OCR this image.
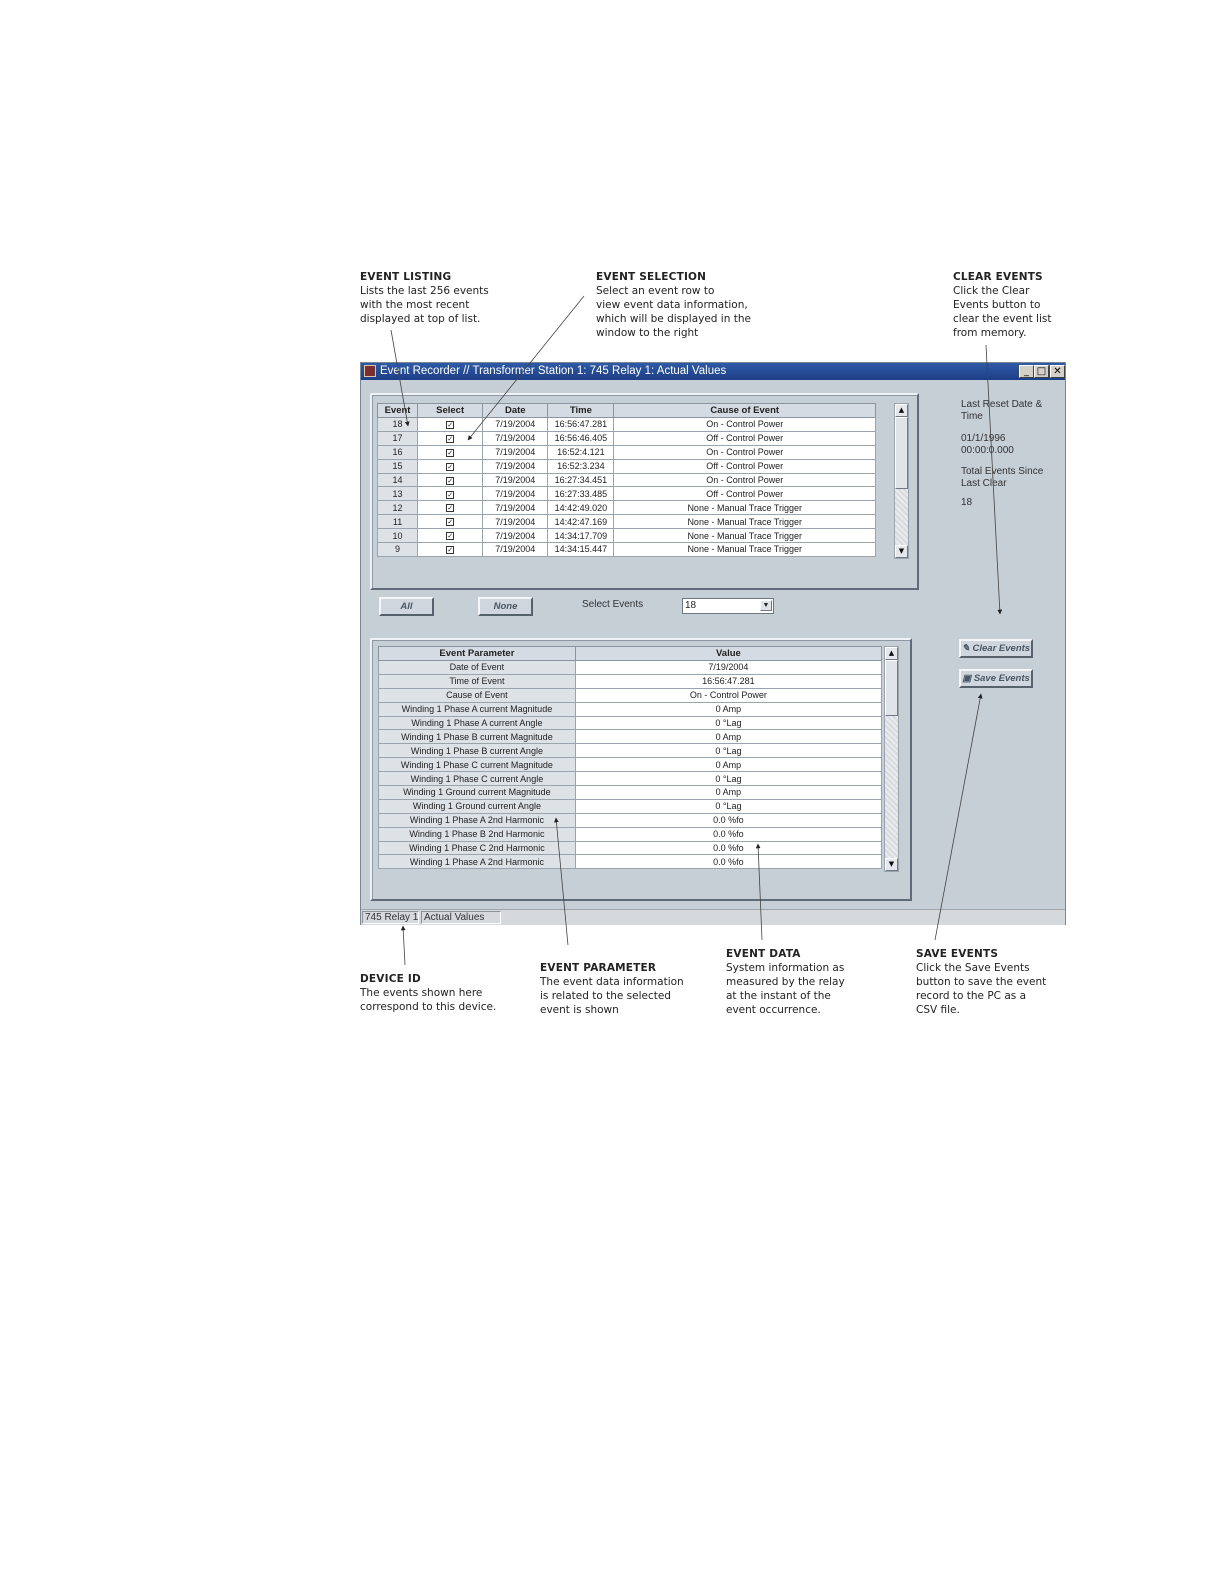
EVENT LISTING
Lists the last 256 events
with the most recent
displayed at top of list.
EVENT SELECTION
Select an event row to
view event data information,
which will be displayed in the
window to the right
CLEAR EVENTS
Click the Clear
Events button to
clear the event list
from memory.
DEVICE ID
The events shown here
correspond to this device.
EVENT PARAMETER
The event data information
is related to the selected
event is shown
EVENT DATA
System information as
measured by the relay
at the instant of the
event occurrence.
SAVE EVENTS
Click the Save Events
button to save the event
record to the PC as a
CSV file.
Event Recorder // Transformer Station 1: 745 Relay 1: Actual Values	_ □ ✕
Event	Select	Date	Time	Cause of Event
18	✓	7/19/2004	16:56:47.281	On - Control Power
17	✓	7/19/2004	16:56:46.405	Off - Control Power
16	✓	7/19/2004	16:52:4.121	On - Control Power
15	✓	7/19/2004	16:52:3.234	Off - Control Power
14	✓	7/19/2004	16:27:34.451	On - Control Power
13	✓	7/19/2004	16:27:33.485	Off - Control Power
12	✓	7/19/2004	14:42:49.020	None - Manual Trace Trigger
11	✓	7/19/2004	14:42:47.169	None - Manual Trace Trigger
10	✓	7/19/2004	14:34:17.709	None - Manual Trace Trigger
9	✓	7/19/2004	14:34:15.447	None - Manual Trace Trigger
▲
▼
All	None	Select Events	18	▼
Last Reset Date & Time
01/1/1996
00:00:0.000
Total Events Since Last Clear
18
✎ Clear Events
▣ Save Events
Event Parameter	Value
Date of Event	7/19/2004
Time of Event	16:56:47.281
Cause of Event	On - Control Power
Winding 1 Phase A current Magnitude	0 Amp
Winding 1 Phase A current Angle	0 °Lag
Winding 1 Phase B current Magnitude	0 Amp
Winding 1 Phase B current Angle	0 °Lag
Winding 1 Phase C current Magnitude	0 Amp
Winding 1 Phase C current Angle	0 °Lag
Winding 1 Ground current Magnitude	0 Amp
Winding 1 Ground current Angle	0 °Lag
Winding 1 Phase A 2nd Harmonic	0.0 %fo
Winding 1 Phase B 2nd Harmonic	0.0 %fo
Winding 1 Phase C 2nd Harmonic	0.0 %fo
Winding 1 Phase A 2nd Harmonic	0.0 %fo
▲
▼
745 Relay 1 Actual Values
